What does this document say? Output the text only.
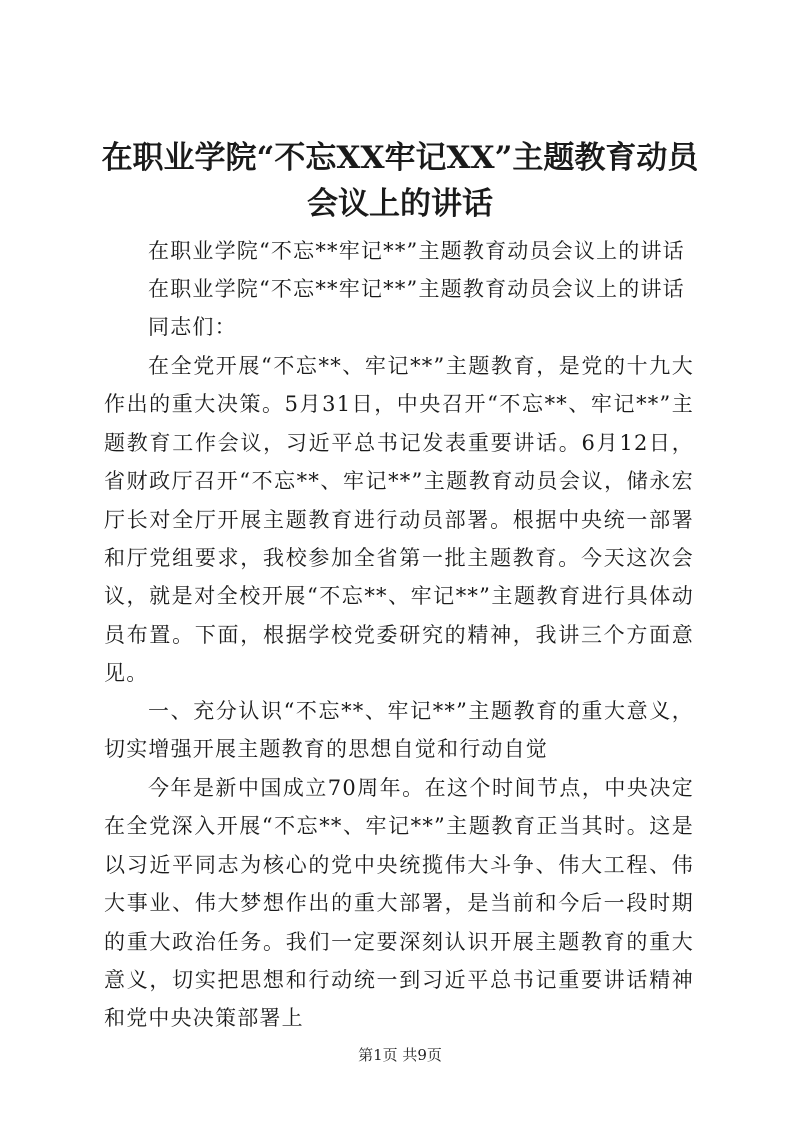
在职业学院“不忘XX牢记XX”主题教育动员
会议上的讲话
在职业学院“不忘**牢记**”主题教育动员会议上的讲话
在职业学院“不忘**牢记**”主题教育动员会议上的讲话
同志们：
在全党开展“不忘**、牢记**”主题教育，是党的十九大作出的重大决策。5月31日，中央召开“不忘**、牢记**”主题教育工作会议，习近平总书记发表重要讲话。6月12日，省财政厅召开“不忘**、牢记**”主题教育动员会议，储永宏厅长对全厅开展主题教育进行动员部署。根据中央统一部署和厅党组要求，我校参加全省第一批主题教育。今天这次会议，就是对全校开展“不忘**、牢记**”主题教育进行具体动员布置。下面，根据学校党委研究的精神，我讲三个方面意见。
一、充分认识“不忘**、牢记**”主题教育的重大意义，切实增强开展主题教育的思想自觉和行动自觉
今年是新中国成立70周年。在这个时间节点，中央决定在全党深入开展“不忘**、牢记**”主题教育正当其时。这是以习近平同志为核心的党中央统揽伟大斗争、伟大工程、伟大事业、伟大梦想作出的重大部署，是当前和今后一段时期的重大政治任务。我们一定要深刻认识开展主题教育的重大意义，切实把思想和行动统一到习近平总书记重要讲话精神和党中央决策部署上
第1页 共9页
